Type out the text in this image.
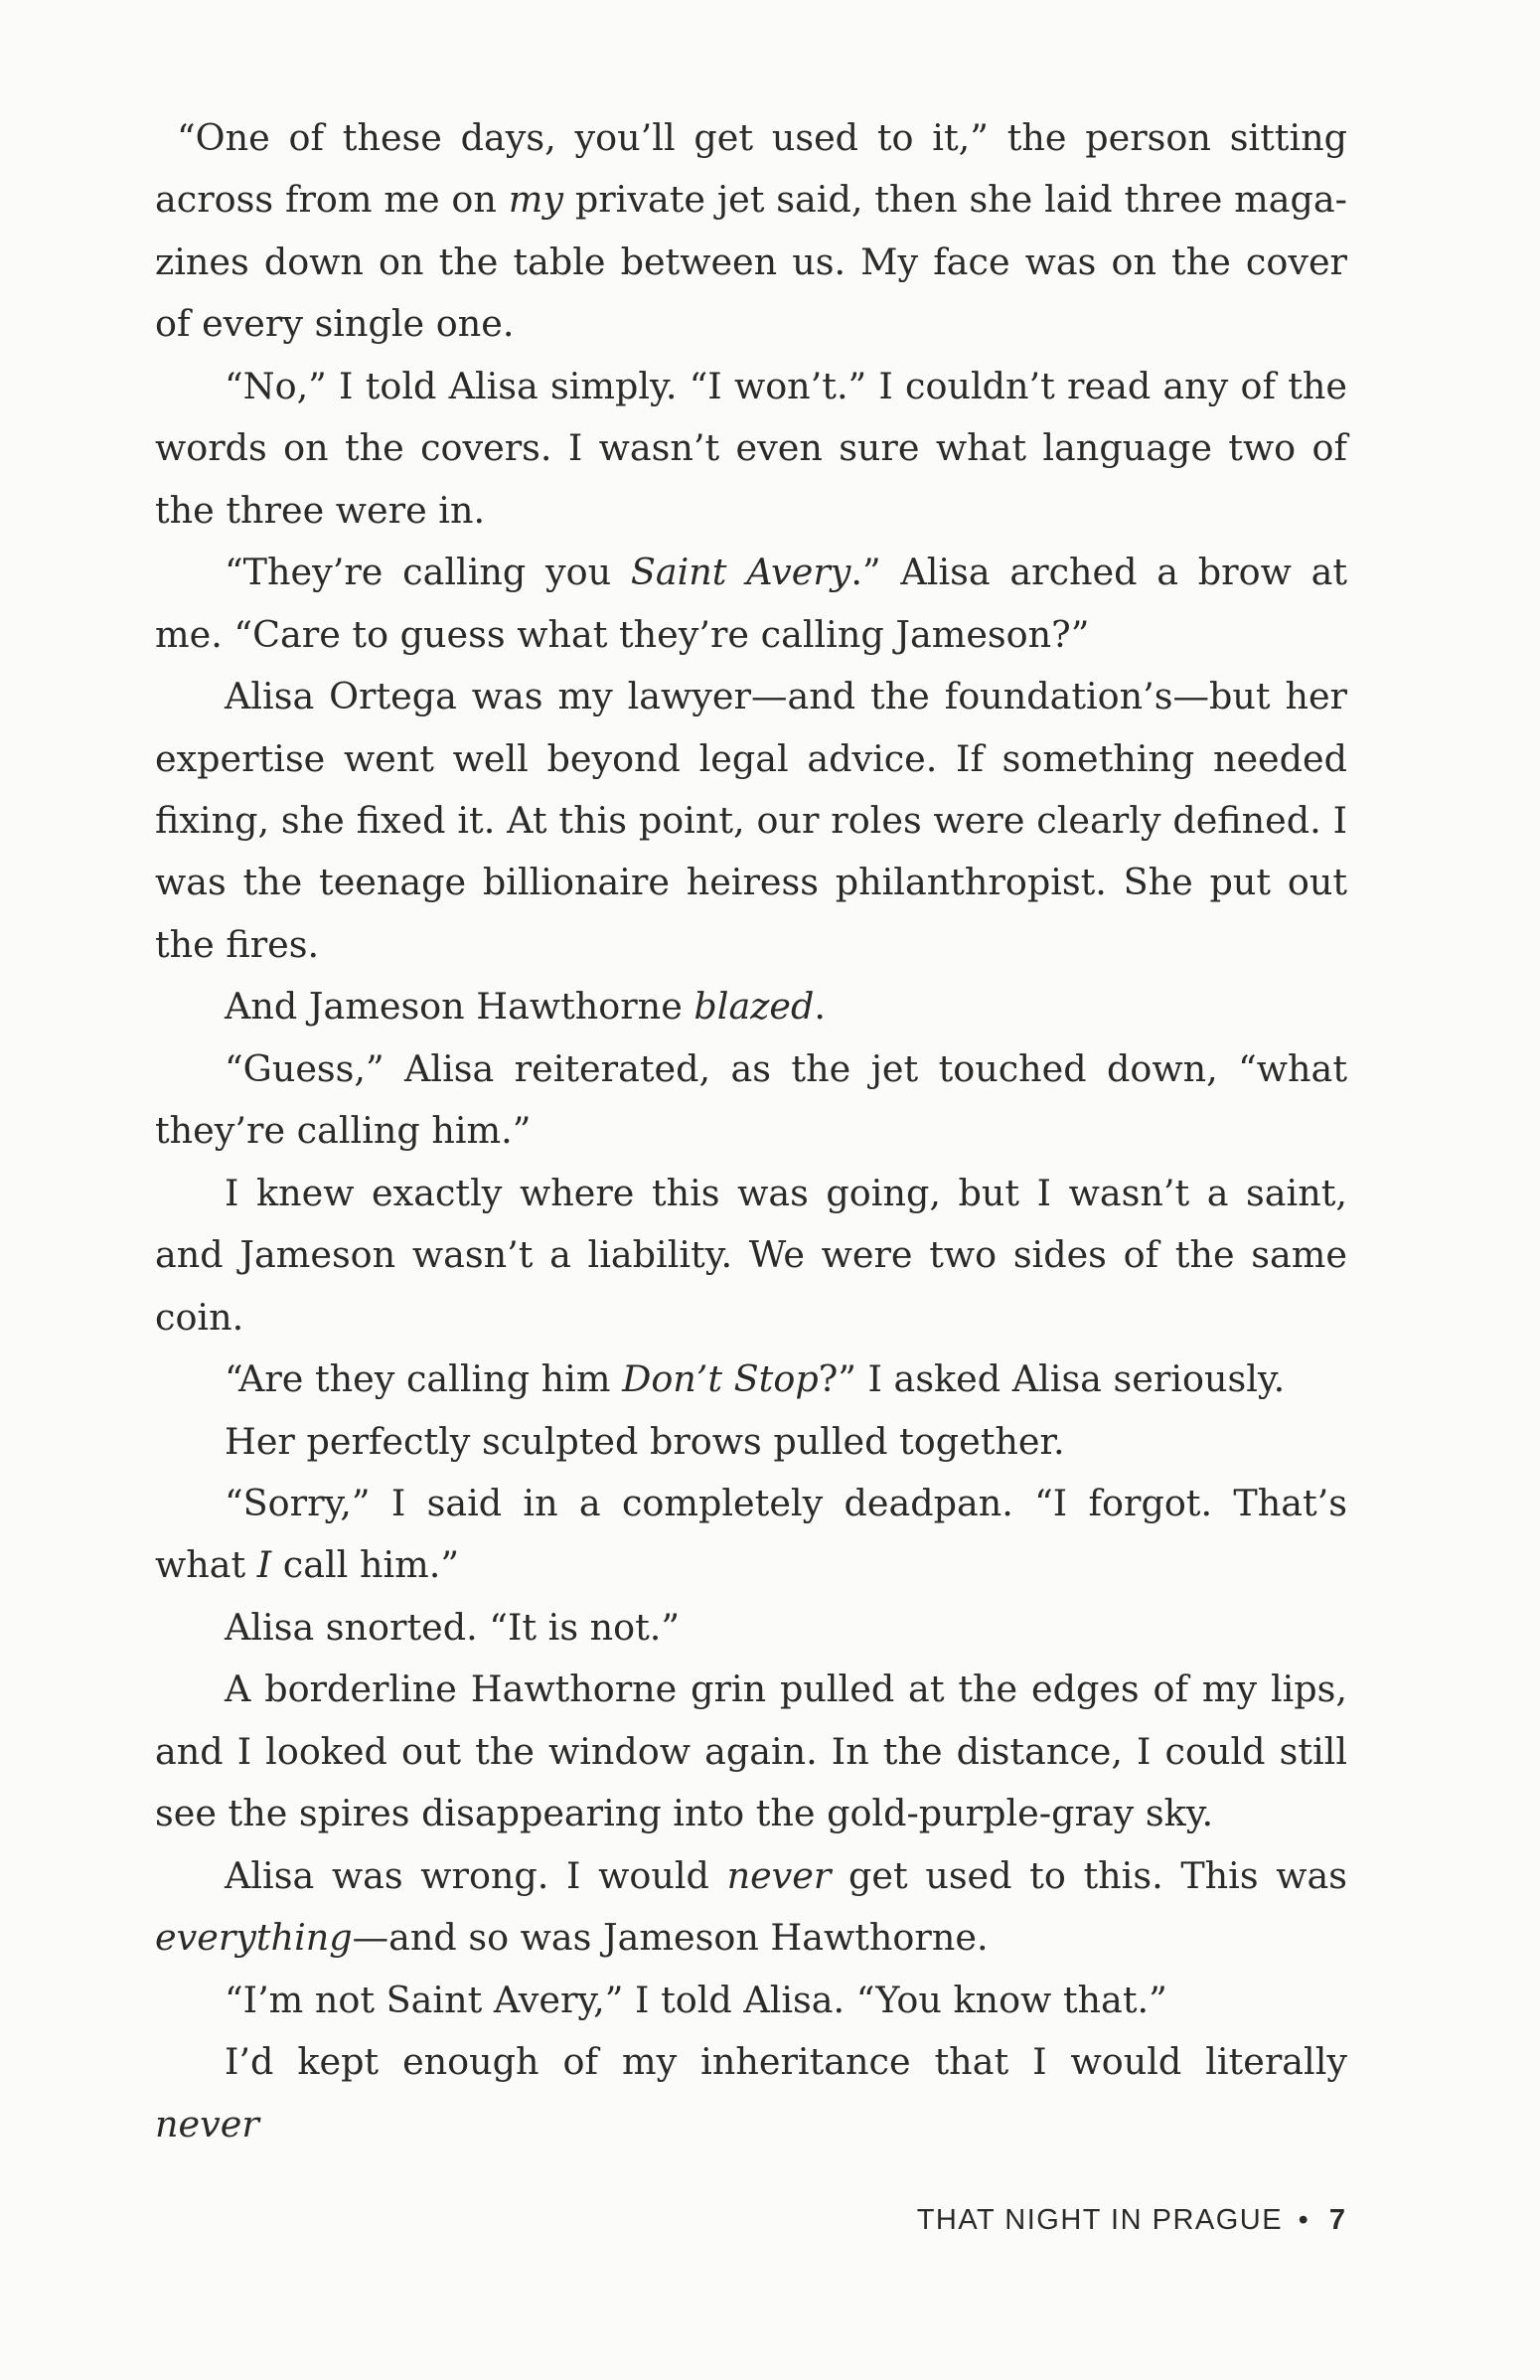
“One of these days, you’ll get used to it,” the person sitting across from me on my private jet said, then she laid three magazines down on the table between us. My face was on the cover of every single one.

“No,” I told Alisa simply. “I won’t.” I couldn’t read any of the words on the covers. I wasn’t even sure what language two of the three were in.

“They’re calling you Saint Avery.” Alisa arched a brow at me. “Care to guess what they’re calling Jameson?”

Alisa Ortega was my lawyer—and the foundation’s—but her expertise went well beyond legal advice. If something needed fixing, she fixed it. At this point, our roles were clearly defined. I was the teenage billionaire heiress philanthropist. She put out the fires.

And Jameson Hawthorne blazed.

“Guess,” Alisa reiterated, as the jet touched down, “what they’re calling him.”

I knew exactly where this was going, but I wasn’t a saint, and Jameson wasn’t a liability. We were two sides of the same coin.

“Are they calling him Don’t Stop?” I asked Alisa seriously.

Her perfectly sculpted brows pulled together.

“Sorry,” I said in a completely deadpan. “I forgot. That’s what I call him.”

Alisa snorted. “It is not.”

A borderline Hawthorne grin pulled at the edges of my lips, and I looked out the window again. In the distance, I could still see the spires disappearing into the gold-purple-gray sky.

Alisa was wrong. I would never get used to this. This was everything—and so was Jameson Hawthorne.

“I’m not Saint Avery,” I told Alisa. “You know that.”

I’d kept enough of my inheritance that I would literally never

THAT NIGHT IN PRAGUE • 7
